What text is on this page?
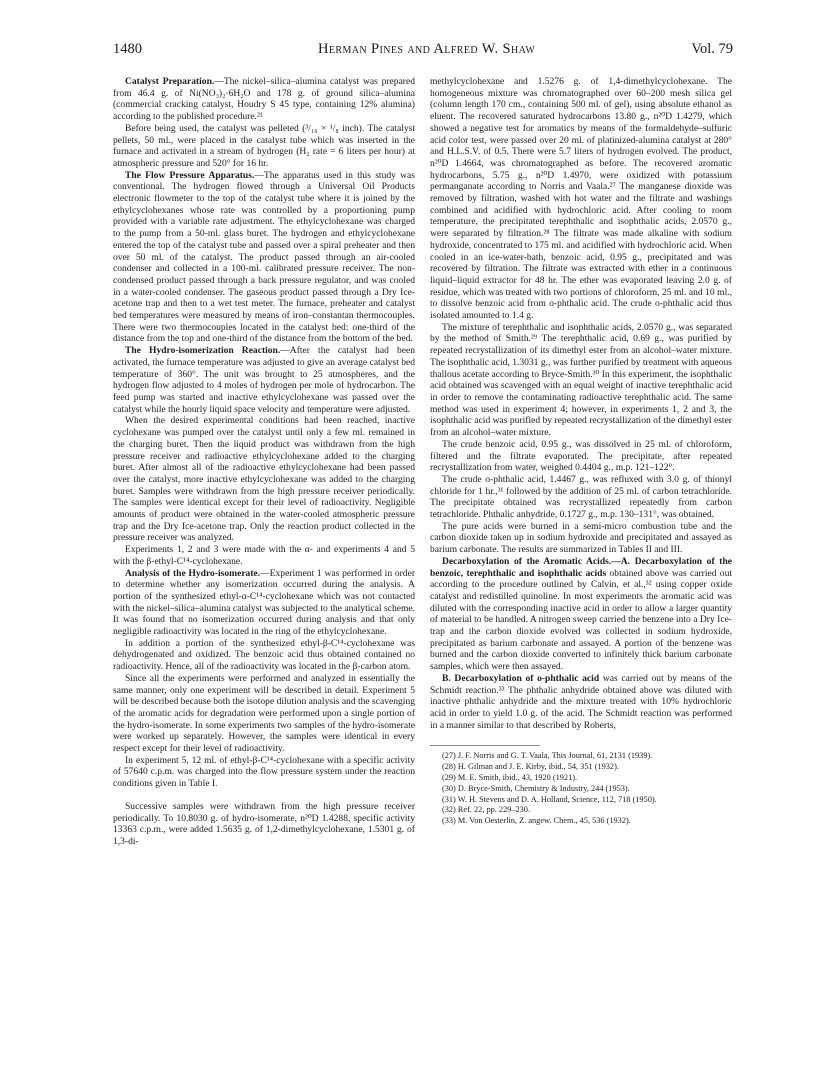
1480	Herman Pines and Alfred W. Shaw	Vol. 79

Catalyst Preparation.—The nickel–silica–alumina catalyst was prepared from 46.4 g. of Ni(NO₃)₂·6H₂O and 178 g. of ground silica–alumina (commercial cracking catalyst, Houdry S 45 type, containing 12% alumina) according to the published procedure.²¹

Before being used, the catalyst was pelleted (³/₁₆ × ¹/₈ inch). The catalyst pellets, 50 ml., were placed in the catalyst tube which was inserted in the furnace and activated in a stream of hydrogen (H₂ rate = 6 liters per hour) at atmospheric pressure and 520° for 16 hr.

The Flow Pressure Apparatus.—The apparatus used in this study was conventional. The hydrogen flowed through a Universal Oil Products electronic flowmeter to the top of the catalyst tube where it is joined by the ethylcyclohexanes whose rate was controlled by a proportioning pump provided with a variable rate adjustment. The ethylcyclohexane was charged to the pump from a 50-ml. glass buret. The hydrogen and ethylcyclohexane entered the top of the catalyst tube and passed over a spiral preheater and then over 50 ml. of the catalyst. The product passed through an air-cooled condenser and collected in a 100-ml. calibrated pressure receiver. The non-condensed product passed through a back pressure regulator, and was cooled in a water-cooled condenser. The gaseous product passed through a Dry Ice-acetone trap and then to a wet test meter. The furnace, preheater and catalyst bed temperatures were measured by means of iron–constantan thermocouples. There were two thermocouples located in the catalyst bed: one-third of the distance from the top and one-third of the distance from the bottom of the bed.

The Hydro-isomerization Reaction.—After the catalyst had been activated, the furnace temperature was adjusted to give an average catalyst bed temperature of 360°. The unit was brought to 25 atmospheres, and the hydrogen flow adjusted to 4 moles of hydrogen per mole of hydrocarbon. The feed pump was started and inactive ethylcyclohexane was passed over the catalyst while the hourly liquid space velocity and temperature were adjusted.

When the desired experimental conditions had been reached, inactive cyclohexane was pumped over the catalyst until only a few ml. remained in the charging buret. Then the liquid product was withdrawn from the high pressure receiver and radioactive ethylcyclohexane added to the charging buret. After almost all of the radioactive ethylcyclohexane had been passed over the catalyst, more inactive ethylcyclohexane was added to the charging buret. Samples were withdrawn from the high pressure receiver periodically. The samples were identical except for their level of radioactivity. Negligible amounts of product were obtained in the water-cooled atmospheric pressure trap and the Dry Ice-acetone trap. Only the reaction product collected in the pressure receiver was analyzed.

Experiments 1, 2 and 3 were made with the α- and experiments 4 and 5 with the β-ethyl-C¹⁴-cyclohexane.

Analysis of the Hydro-isomerate.—Experiment 1 was performed in order to determine whether any isomerization occurred during the analysis. A portion of the synthesized ethyl-α-C¹⁴-cyclohexane which was not contacted with the nickel–silica–alumina catalyst was subjected to the analytical scheme. It was found that no isomerization occurred during analysis and that only negligible radioactivity was located in the ring of the ethylcyclohexane.

In addition a portion of the synthesized ethyl-β-C¹⁴-cyclohexane was dehydrogenated and oxidized. The benzoic acid thus obtained contained no radioactivity. Hence, all of the radioactivity was located in the β-carbon atom.

Since all the experiments were performed and analyzed in essentially the same manner, only one experiment will be described in detail. Experiment 5 will be described because both the isotope dilution analysis and the scavenging of the aromatic acids for degradation were performed upon a single portion of the hydro-isomerate. In some experiments two samples of the hydro-isomerate were worked up separately. However, the samples were identical in every respect except for their level of radioactivity.

In experiment 5, 12 ml. of ethyl-β-C¹⁴-cyclohexane with a specific activity of 57640 c.p.m. was charged into the flow pressure system under the reaction conditions given in Table I.

Successive samples were withdrawn from the high pressure receiver periodically. To 10.8030 g. of hydro-isomerate, n²⁰D 1.4288, specific activity 13363 c.p.m., were added 1.5635 g. of 1,2-dimethylcyclohexane, 1.5301 g. of 1,3-di-

methylcyclohexane and 1.5276 g. of 1,4-dimethylcyclohexane. The homogeneous mixture was chromatographed over 60–200 mesh silica gel (column length 170 cm., containing 500 ml. of gel), using absolute ethanol as eluent. The recovered saturated hydrocarbons 13.80 g., n²⁰D 1.4279, which showed a negative test for aromatics by means of the formaldehyde–sulfuric acid color test, were passed over 20 ml. of platinized-alumina catalyst at 280° and H.L.S.V. of 0.5. There were 5.7 liters of hydrogen evolved. The product, n²⁰D 1.4664, was chromatographed as before. The recovered aromatic hydrocarbons, 5.75 g., n²⁰D 1.4970, were oxidized with potassium permanganate according to Norris and Vaala.²⁷ The manganese dioxide was removed by filtration, washed with hot water and the filtrate and washings combined and acidified with hydrochloric acid. After cooling to room temperature, the precipitated terephthalic and isophthalic acids, 2.0570 g., were separated by filtration.²⁸ The filtrate was made alkaline with sodium hydroxide, concentrated to 175 ml. and acidified with hydrochloric acid. When cooled in an ice-water-bath, benzoic acid, 0.95 g., precipitated and was recovered by filtration. The filtrate was extracted with ether in a continuous liquid–liquid extractor for 48 hr. The ether was evaporated leaving 2.0 g. of residue, which was treated with two portions of chloroform, 25 ml. and 10 ml., to dissolve benzoic acid from o-phthalic acid. The crude o-phthalic acid thus isolated amounted to 1.4 g.

The mixture of terephthalic and isophthalic acids, 2.0570 g., was separated by the method of Smith.²⁹ The terephthalic acid, 0.69 g., was purified by repeated recrystallization of its dimethyl ester from an alcohol–water mixture. The isophthalic acid, 1.3031 g., was further purified by treatment with aqueous thallous acetate according to Bryce-Smith.³⁰ In this experiment, the isophthalic acid obtained was scavenged with an equal weight of inactive terephthalic acid in order to remove the contaminating radioactive terephthalic acid. The same method was used in experiment 4; however, in experiments 1, 2 and 3, the isophthalic acid was purified by repeated recrystallization of the dimethyl ester from an alcohol–water mixture.

The crude benzoic acid, 0.95 g., was dissolved in 25 ml. of chloroform, filtered and the filtrate evaporated. The precipitate, after repeated recrystallization from water, weighed 0.4404 g., m.p. 121–122°.

The crude o-phthalic acid, 1.4467 g., was refluxed with 3.0 g. of thionyl chloride for 1 hr.,³¹ followed by the addition of 25 ml. of carbon tetrachloride. The precipitate obtained was recrystallized repeatedly from carbon tetrachloride. Phthalic anhydride, 0.1727 g., m.p. 130–131°, was obtained.

The pure acids were burned in a semi-micro combustion tube and the carbon dioxide taken up in sodium hydroxide and precipitated and assayed as barium carbonate. The results are summarized in Tables II and III.

Decarboxylation of the Aromatic Acids.—A. Decarboxylation of the benzoic, terephthalic and isophthalic acids obtained above was carried out according to the procedure outlined by Calvin, et al.,³² using copper oxide catalyst and redistilled quinoline. In most experiments the aromatic acid was diluted with the corresponding inactive acid in order to allow a larger quantity of material to be handled. A nitrogen sweep carried the benzene into a Dry Ice-trap and the carbon dioxide evolved was collected in sodium hydroxide, precipitated as barium carbonate and assayed. A portion of the benzene was burned and the carbon dioxide converted to infinitely thick barium carbonate samples, which were then assayed.

B. Decarboxylation of o-phthalic acid was carried out by means of the Schmidt reaction.³³ The phthalic anhydride obtained above was diluted with inactive phthalic anhydride and the mixture treated with 10% hydrochloric acid in order to yield 1.0 g. of the acid. The Schmidt reaction was performed in a manner similar to that described by Roberts,

(27) J. F. Norris and G. T. Vaala, This Journal, 61, 2131 (1939).
(28) H. Gilman and J. E. Kirby, ibid., 54, 351 (1932).
(29) M. E. Smith, ibid., 43, 1920 (1921).
(30) D. Bryce-Smith, Chemistry & Industry, 244 (1953).
(31) W. H. Stevens and D. A. Holland, Science, 112, 718 (1950).
(32) Ref. 22, pp. 229–230.
(33) M. Von Oesterlin, Z. angew. Chem., 45, 536 (1932).
